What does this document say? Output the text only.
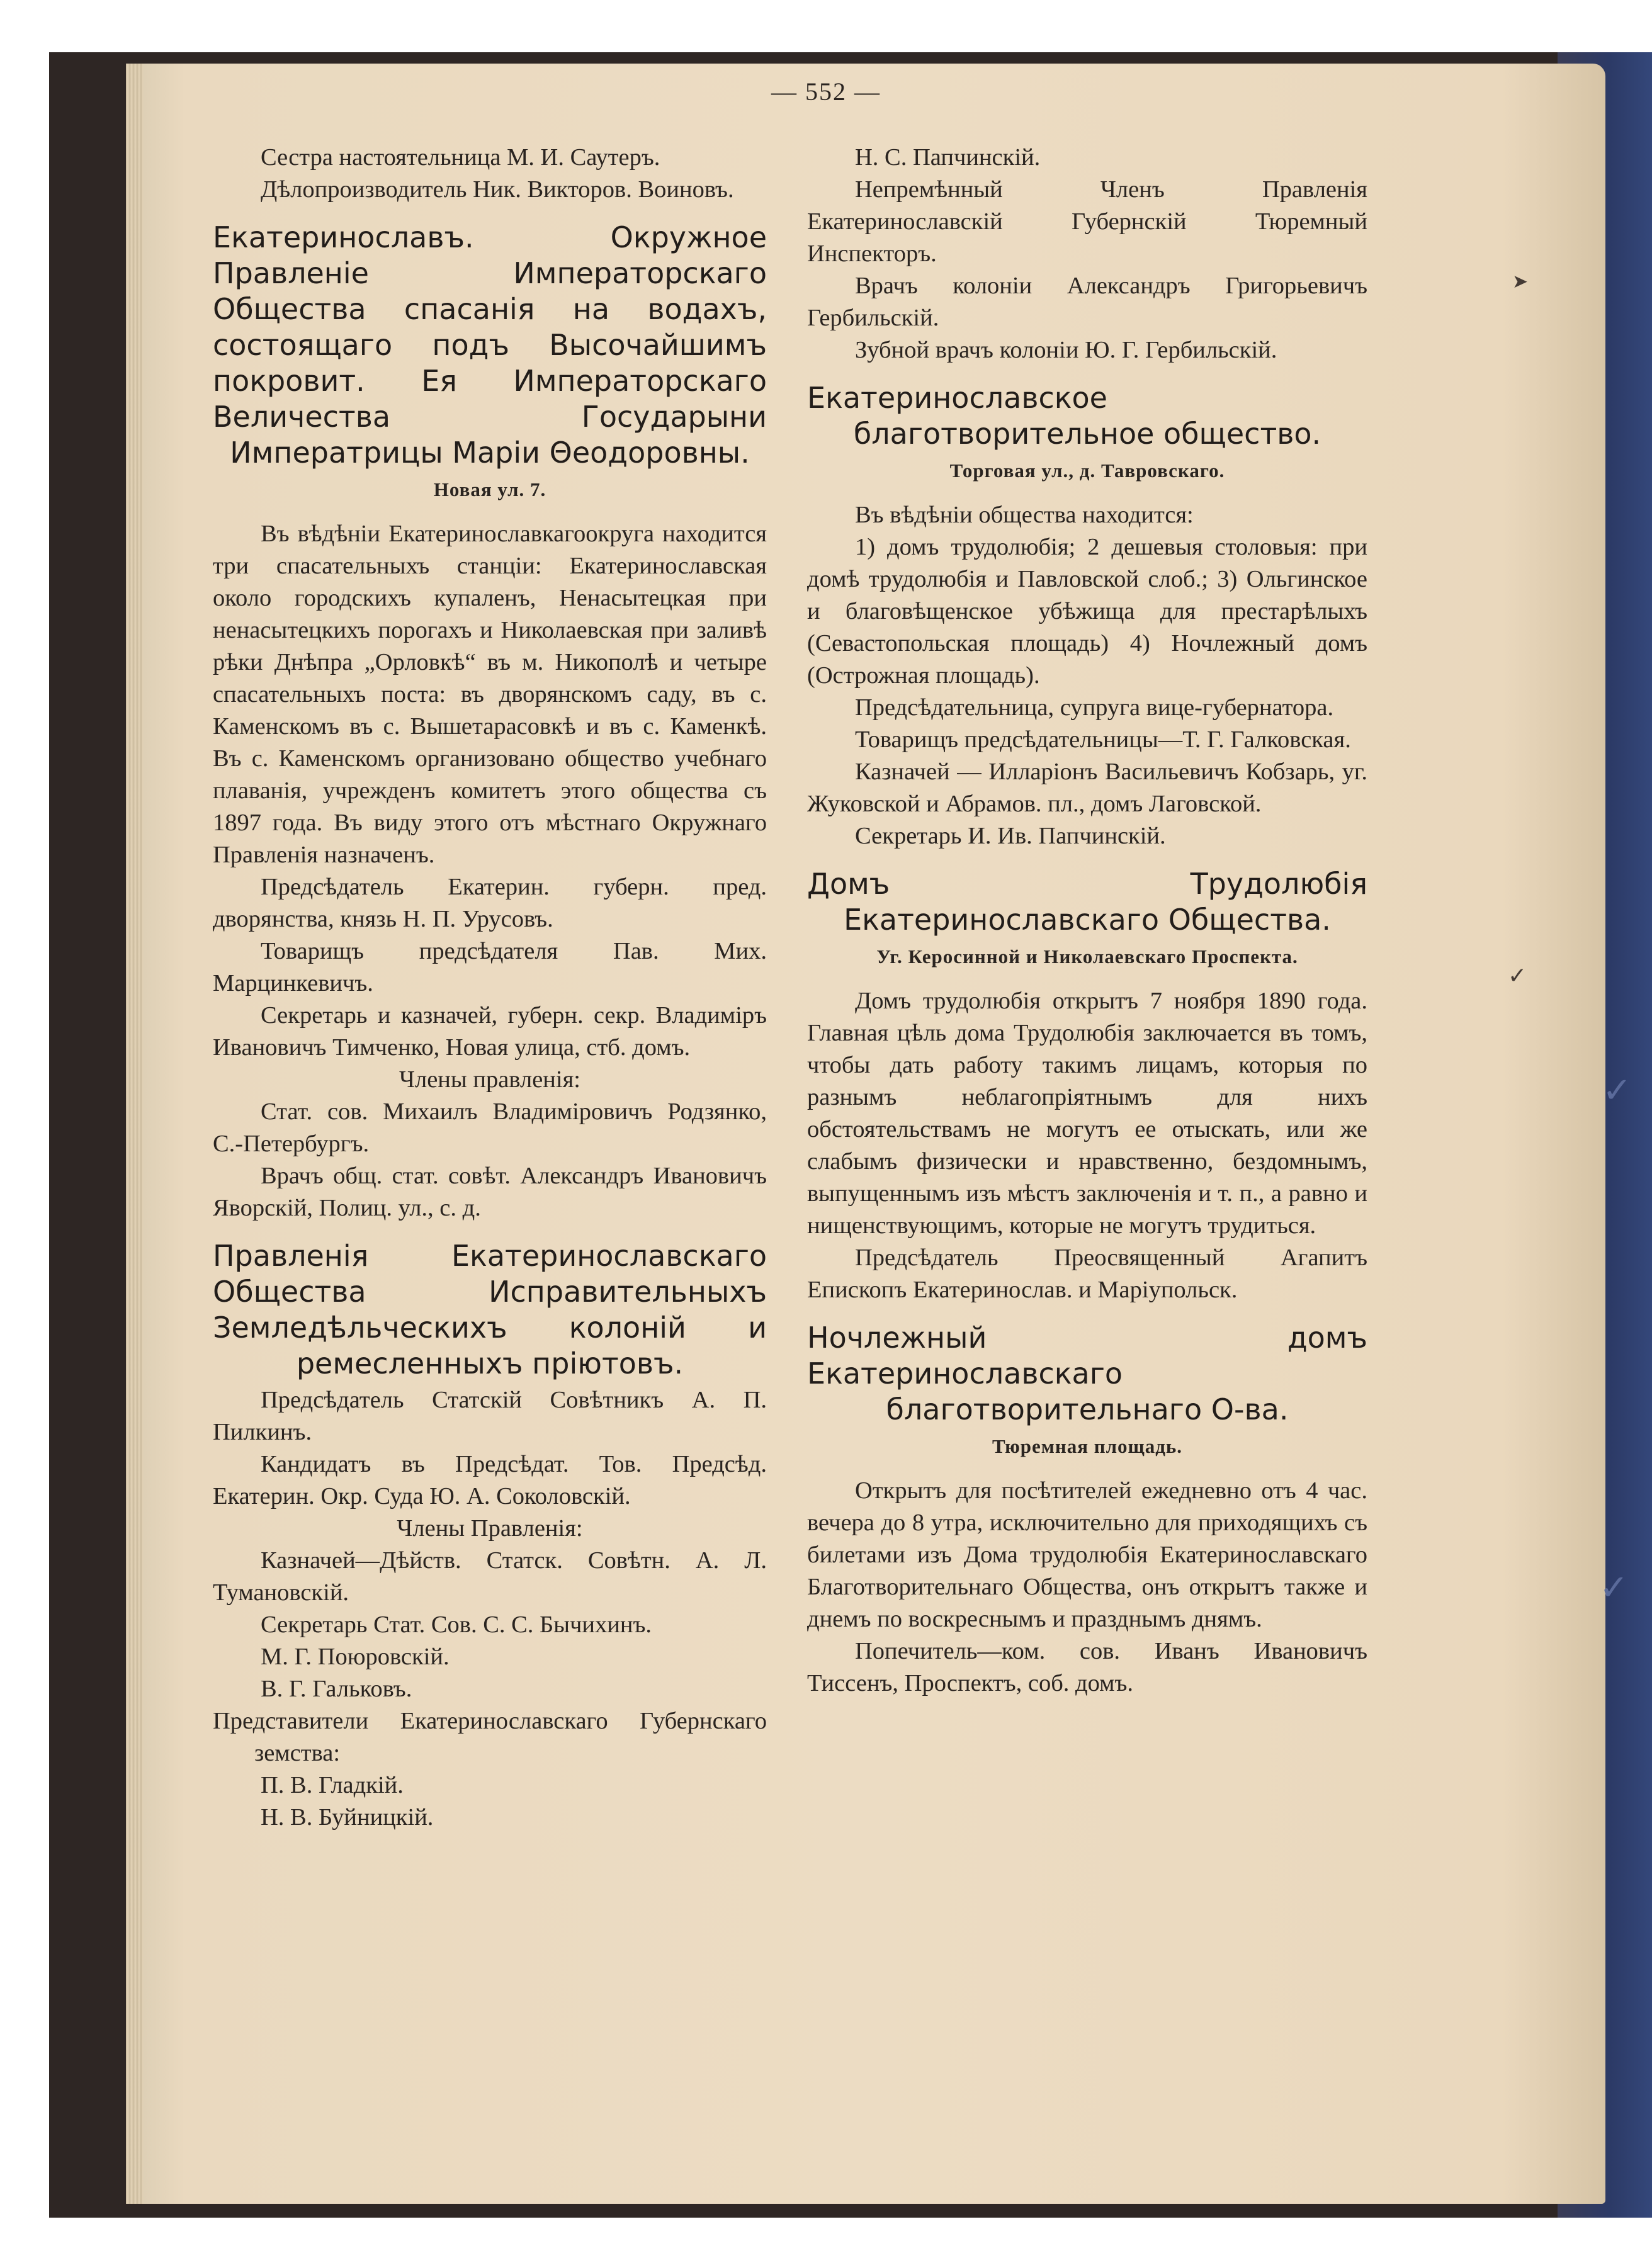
— 552 —

Сестра настоятельница М. И. Саутеръ.

Дѣлопроизводитель Ник. Викторов. Воиновъ.

Екатеринославъ. Окружное Правленіе Императорскаго Общества спасанія на водахъ, состоящаго подъ Высочайшимъ покровит. Ея Императорскаго Величества Государыни Императрицы Маріи Θеодоровны.
Новая ул. 7.

Въ вѣдѣніи Екатеринославкагоокруга находится три спасательныхъ станціи: Екатеринославская около городскихъ купаленъ, Ненасытецкая при ненасытецкихъ порогахъ и Николаевская при заливѣ рѣки Днѣпра „Орловкѣ“ въ м. Никополѣ и четыре спасательныхъ поста: въ дворянскомъ саду, въ с. Каменскомъ въ с. Вышетарасовкѣ и въ с. Каменкѣ. Въ с. Каменскомъ организовано общество учебнаго плаванія, учрежденъ комитетъ этого общества съ 1897 года. Въ виду этого отъ мѣстнаго Окружнаго Правленія назначенъ.

Предсѣдатель Екатерин. губерн. пред. дворянства, князь Н. П. Урусовъ.

Товарищъ предсѣдателя Пав. Мих. Марцинкевичъ.

Секретарь и казначей, губерн. секр. Владиміръ Ивановичъ Тимченко, Новая улица, стб. домъ.

Члены правленія:

Стат. сов. Михаилъ Владиміровичъ Родзянко, С.-Петербургъ.

Врачъ общ. стат. совѣт. Александръ Ивановичъ Яворскій, Полиц. ул., с. д.

Правленія Екатеринославскаго Общества Исправительныхъ Земледѣльческихъ колоній и ремесленныхъ пріютовъ.

Предсѣдатель Статскій Совѣтникъ А. П. Пилкинъ.

Кандидатъ въ Предсѣдат. Тов. Предсѣд. Екатерин. Окр. Суда Ю. А. Соколовскій.

Члены Правленія:

Казначей—Дѣйств. Статск. Совѣтн. А. Л. Тумановскій.

Секретарь Стат. Сов. С. С. Бычихинъ.

М. Г. Поюровскій.

В. Г. Гальковъ.

Представители Екатеринославскаго Губернскаго земства:

П. В. Гладкій.

Н. В. Буйницкій.

Н. С. Папчинскій.

Непремѣнный Членъ Правленія Екатеринославскій Губернскій Тюремный Инспекторъ.

Врачъ колоніи Александръ Григорьевичъ Гербильскій.

Зубной врачъ колоніи Ю. Г. Гербильскій.

Екатеринославское благотворительное общество.
Торговая ул., д. Тавровскаго.

Въ вѣдѣніи общества находится:

1) домъ трудолюбія; 2 дешевыя столовыя: при домѣ трудолюбія и Павловской слоб.; 3) Ольгинское и благовѣщенское убѣжища для престарѣлыхъ (Севастопольская площадь) 4) Ночлежный домъ (Острожная площадь).

Предсѣдательница, супруга вице-губернатора.

Товарищъ предсѣдательницы—Т. Г. Галковская.

Казначей — Илларіонъ Васильевичъ Кобзарь, уг. Жуковской и Абрамов. пл., домъ Лаговской.

Секретарь И. Ив. Папчинскій.

Домъ Трудолюбія Екатеринославскаго Общества.
Уг. Керосинной и Николаевскаго Проспекта.

Домъ трудолюбія открытъ 7 ноября 1890 года. Главная цѣль дома Трудолюбія заключается въ томъ, чтобы дать работу такимъ лицамъ, которыя по разнымъ неблагопріятнымъ для нихъ обстоятельствамъ не могутъ ее отыскать, или же слабымъ физически и нравственно, бездомнымъ, выпущеннымъ изъ мѣстъ заключенія и т. п., а равно и нищенствующимъ, которые не могутъ трудиться.

Предсѣдатель Преосвященный Агапитъ Епископъ Екатеринослав. и Маріупольск.

Ночлежный домъ Екатеринославскаго благотворительнаго О-ва.
Тюремная площадь.

Открытъ для посѣтителей ежедневно отъ 4 час. вечера до 8 утра, исключительно для приходящихъ съ билетами изъ Дома трудолюбія Екатеринославскаго Благотворительнаго Общества, онъ открытъ также и днемъ по воскреснымъ и празднымъ днямъ.

Попечитель—ком. сов. Иванъ Ивановичъ Тиссенъ, Проспектъ, соб. домъ.

➤
✓
✓
✓
